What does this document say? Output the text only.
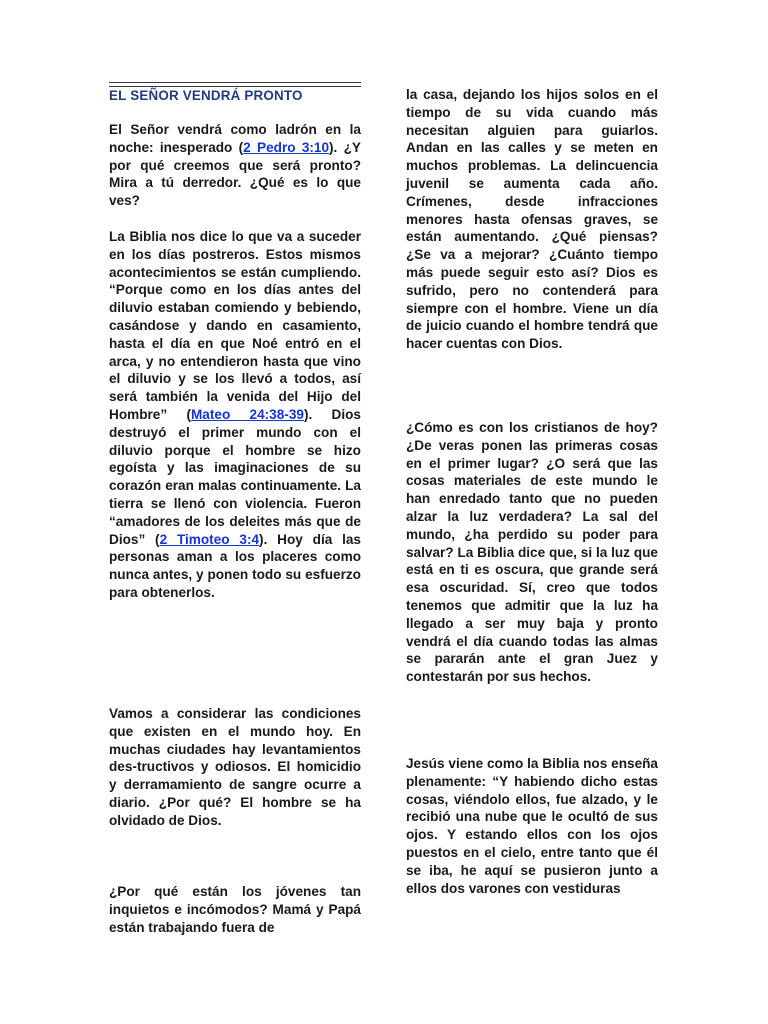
EL SEÑOR VENDRÁ PRONTO
El Señor vendrá como ladrón en la noche: inesperado (2 Pedro 3:10). ¿Y por qué creemos que será pronto? Mira a tú derredor. ¿Qué es lo que ves?
La Biblia nos dice lo que va a suceder en los días postreros. Estos mismos acontecimientos se están cumpliendo. “Porque como en los días antes del diluvio estaban comiendo y bebiendo, casándose y dando en casamiento, hasta el día en que Noé entró en el arca, y no entendieron hasta que vino el diluvio y se los llevó a todos, así será también la venida del Hijo del Hombre” (Mateo 24:38-39). Dios destruyó el primer mundo con el diluvio porque el hombre se hizo egoísta y las imaginaciones de su corazón eran malas continuamente. La tierra se llenó con violencia. Fueron “amadores de los deleites más que de Dios” (2 Timoteo 3:4). Hoy día las personas aman a los placeres como nunca antes, y ponen todo su esfuerzo para obtenerlos.
Vamos a considerar las condiciones que existen en el mundo hoy. En muchas ciudades hay levantamientos des-tructivos y odiosos. El homicidio y derramamiento de sangre ocurre a diario. ¿Por qué? El hombre se ha olvidado de Dios.
¿Por qué están los jóvenes tan inquietos e incómodos? Mamá y Papá están trabajando fuera de
la casa, dejando los hijos solos en el tiempo de su vida cuando más necesitan alguien para guiarlos. Andan en las calles y se meten en muchos problemas. La delincuencia juvenil se aumenta cada año. Crímenes, desde infracciones menores hasta ofensas graves, se están aumentando. ¿Qué piensas? ¿Se va a mejorar? ¿Cuánto tiempo más puede seguir esto así? Dios es sufrido, pero no contenderá para siempre con el hombre. Viene un día de juicio cuando el hombre tendrá que hacer cuentas con Dios.
¿Cómo es con los cristianos de hoy? ¿De veras ponen las primeras cosas en el primer lugar? ¿O será que las cosas materiales de este mundo le han enredado tanto que no pueden alzar la luz verdadera? La sal del mundo, ¿ha perdido su poder para salvar? La Biblia dice que, si la luz que está en ti es oscura, que grande será esa oscuridad. Sí, creo que todos tenemos que admitir que la luz ha llegado a ser muy baja y pronto vendrá el día cuando todas las almas se pararán ante el gran Juez y contestarán por sus hechos.
Jesús viene como la Biblia nos enseña plenamente: “Y habiendo dicho estas cosas, viéndolo ellos, fue alzado, y le recibió una nube que le ocultó de sus ojos. Y estando ellos con los ojos puestos en el cielo, entre tanto que él se iba, he aquí se pusieron junto a ellos dos varones con vestiduras
